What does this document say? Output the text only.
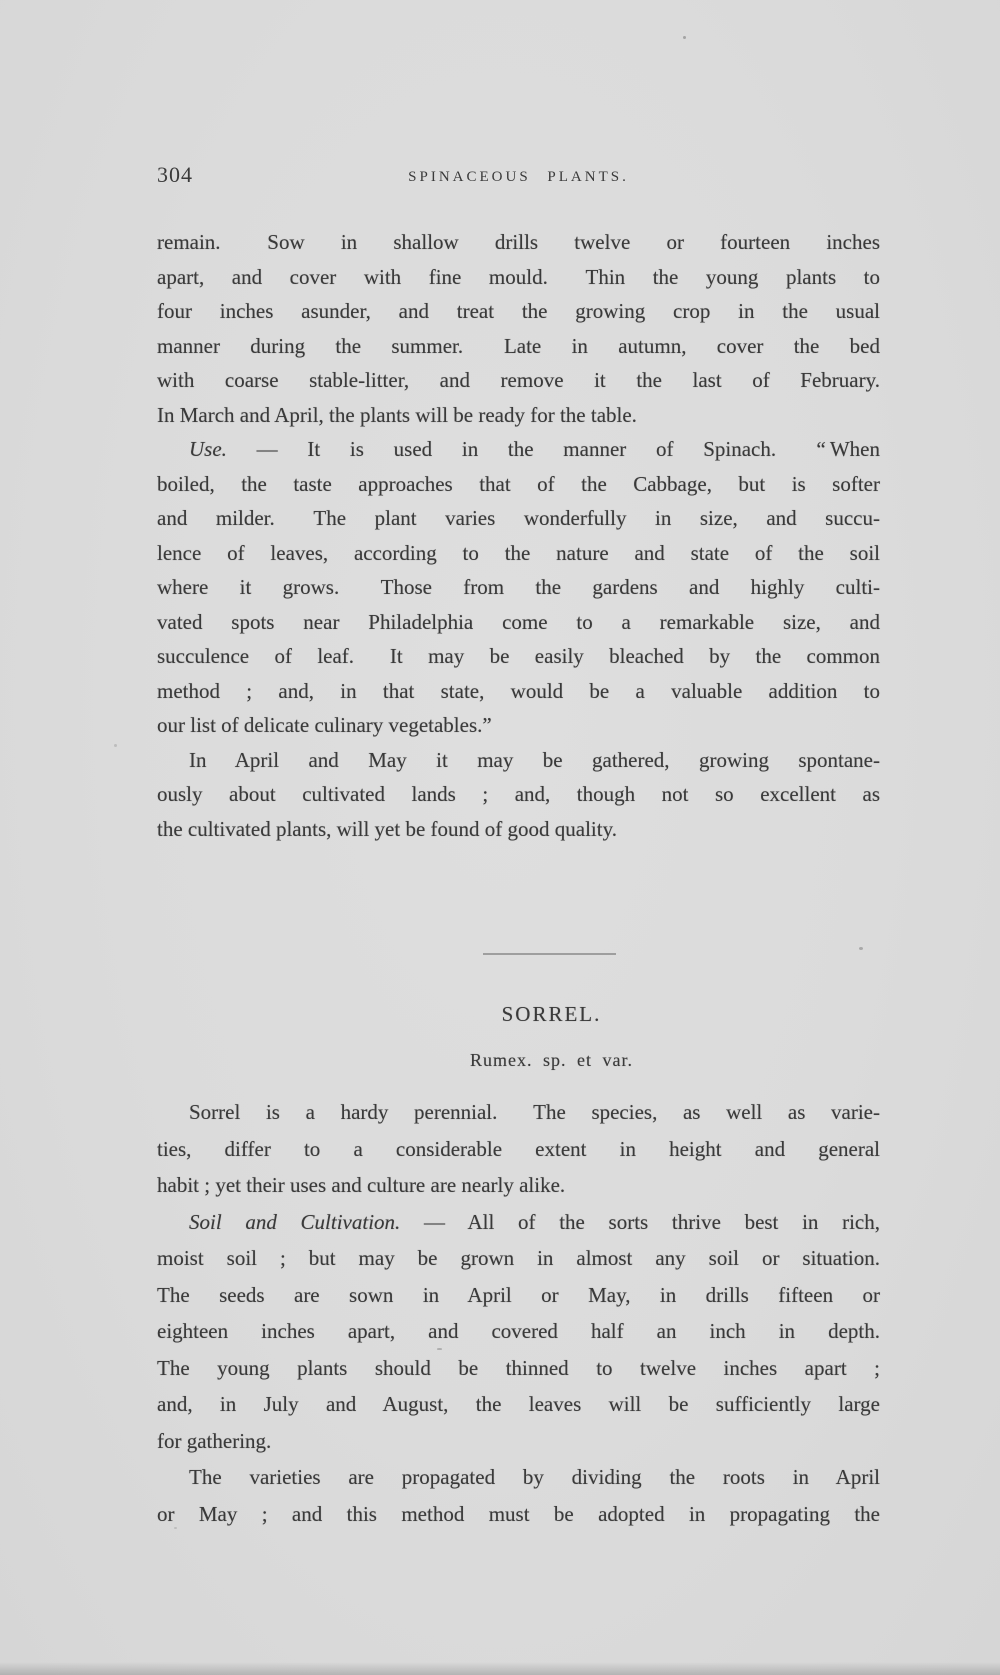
304	SPINACEOUS PLANTS.
remain.  Sow in shallow drills twelve or fourteen inches
apart, and cover with fine mould.  Thin the young plants to
four inches asunder, and treat the growing crop in the usual
manner during the summer.  Late in autumn, cover the bed
with coarse stable-litter, and remove it the last of February.
In March and April, the plants will be ready for the table.
Use. — It is used in the manner of Spinach.  “ When
boiled, the taste approaches that of the Cabbage, but is softer
and milder.  The plant varies wonderfully in size, and succu-
lence of leaves, according to the nature and state of the soil
where it grows.  Those from the gardens and highly culti-
vated spots near Philadelphia come to a remarkable size, and
succulence of leaf.  It may be easily bleached by the common
method ; and, in that state, would be a valuable addition to
our list of delicate culinary vegetables.”
In April and May it may be gathered, growing spontane-
ously about cultivated lands ; and, though not so excellent as
the cultivated plants, will yet be found of good quality.
SORREL.
Rumex. sp. et var.
Sorrel is a hardy perennial.  The species, as well as varie-
ties, differ to a considerable extent in height and general
habit ; yet their uses and culture are nearly alike.
Soil and Cultivation. — All of the sorts thrive best in rich,
moist soil ; but may be grown in almost any soil or situation.
The seeds are sown in April or May, in drills fifteen or
eighteen inches apart, and covered half an inch in depth.
The young plants should be thinned to twelve inches apart ;
and, in July and August, the leaves will be sufficiently large
for gathering.
The varieties are propagated by dividing the roots in April
or May ; and this method must be adopted in propagating the
